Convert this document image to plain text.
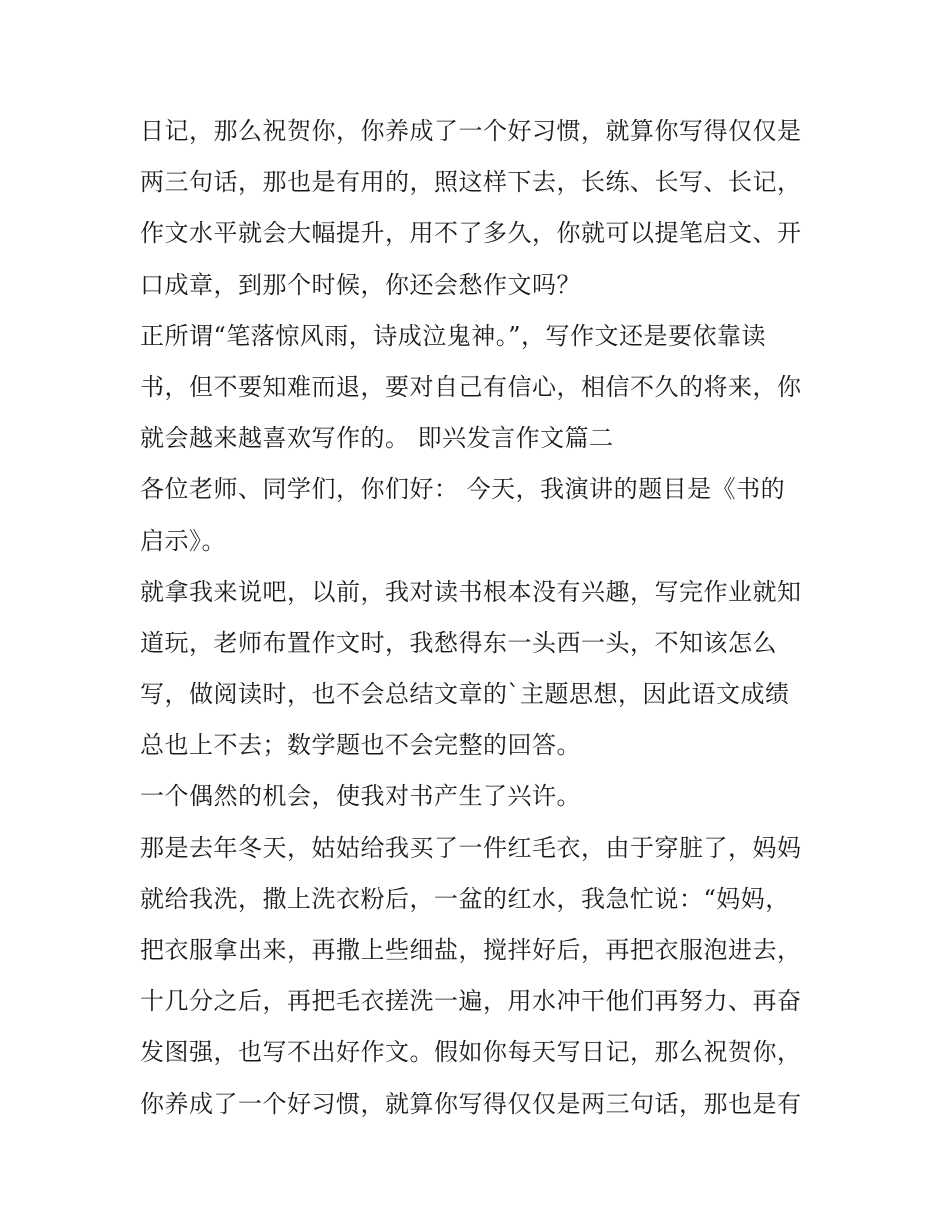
日记，那么祝贺你，你养成了一个好习惯，就算你写得仅仅是
两三句话，那也是有用的，照这样下去，长练、长写、长记，
作文水平就会大幅提升，用不了多久，你就可以提笔启文、开
口成章，到那个时候，你还会愁作文吗？
正所谓“笔落惊风雨，诗成泣鬼神。”，写作文还是要依靠读
书，但不要知难而退，要对自己有信心，相信不久的将来，你
就会越来越喜欢写作的。 即兴发言作文篇二
各位老师、同学们，你们好： 今天，我演讲的题目是《书的
启示》。
就拿我来说吧，以前，我对读书根本没有兴趣，写完作业就知
道玩，老师布置作文时，我愁得东一头西一头，不知该怎么
写，做阅读时，也不会总结文章的`主题思想，因此语文成绩
总也上不去；数学题也不会完整的回答。
一个偶然的机会，使我对书产生了兴许。
那是去年冬天，姑姑给我买了一件红毛衣，由于穿脏了，妈妈
就给我洗，撒上洗衣粉后，一盆的红水，我急忙说：“妈妈，
把衣服拿出来，再撒上些细盐，搅拌好后，再把衣服泡进去，
十几分之后，再把毛衣搓洗一遍，用水冲干他们再努力、再奋
发图强，也写不出好作文。假如你每天写日记，那么祝贺你，
你养成了一个好习惯，就算你写得仅仅是两三句话，那也是有
